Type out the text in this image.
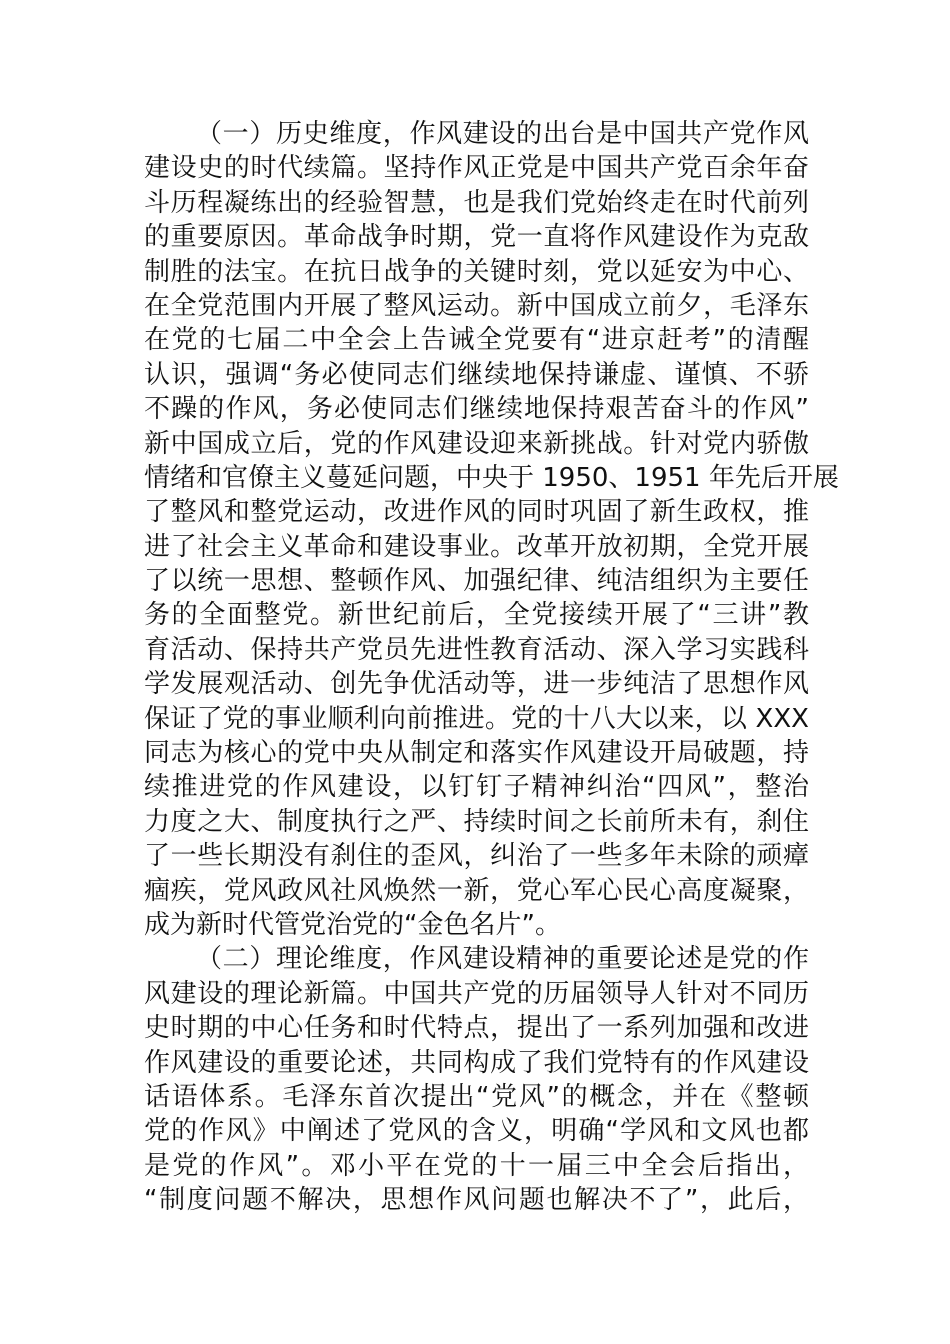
（一）历史维度，作风建设的出台是中国共产党作风
建设史的时代续篇。坚持作风正党是中国共产党百余年奋
斗历程凝练出的经验智慧，也是我们党始终走在时代前列
的重要原因。革命战争时期，党一直将作风建设作为克敌
制胜的法宝。在抗日战争的关键时刻，党以延安为中心、
在全党范围内开展了整风运动。新中国成立前夕，毛泽东
在党的七届二中全会上告诫全党要有“进京赶考”的清醒
认识，强调“务必使同志们继续地保持谦虚、谨慎、不骄
不躁的作风，务必使同志们继续地保持艰苦奋斗的作风”
新中国成立后，党的作风建设迎来新挑战。针对党内骄傲
情绪和官僚主义蔓延问题，中央于 1950、1951 年先后开展
了整风和整党运动，改进作风的同时巩固了新生政权，推
进了社会主义革命和建设事业。改革开放初期，全党开展
了以统一思想、整顿作风、加强纪律、纯洁组织为主要任
务的全面整党。新世纪前后，全党接续开展了“三讲”教
育活动、保持共产党员先进性教育活动、深入学习实践科
学发展观活动、创先争优活动等，进一步纯洁了思想作风
保证了党的事业顺利向前推进。党的十八大以来，以 XXX
同志为核心的党中央从制定和落实作风建设开局破题，持
续推进党的作风建设，以钉钉子精神纠治“四风”，整治
力度之大、制度执行之严、持续时间之长前所未有，刹住
了一些长期没有刹住的歪风，纠治了一些多年未除的顽瘴
痼疾，党风政风社风焕然一新，党心军心民心高度凝聚，
成为新时代管党治党的“金色名片”。
（二）理论维度，作风建设精神的重要论述是党的作
风建设的理论新篇。中国共产党的历届领导人针对不同历
史时期的中心任务和时代特点，提出了一系列加强和改进
作风建设的重要论述，共同构成了我们党特有的作风建设
话语体系。毛泽东首次提出“党风”的概念，并在《整顿
党的作风》中阐述了党风的含义，明确“学风和文风也都
是党的作风”。邓小平在党的十一届三中全会后指出，
“制度问题不解决，思想作风问题也解决不了”，此后，
